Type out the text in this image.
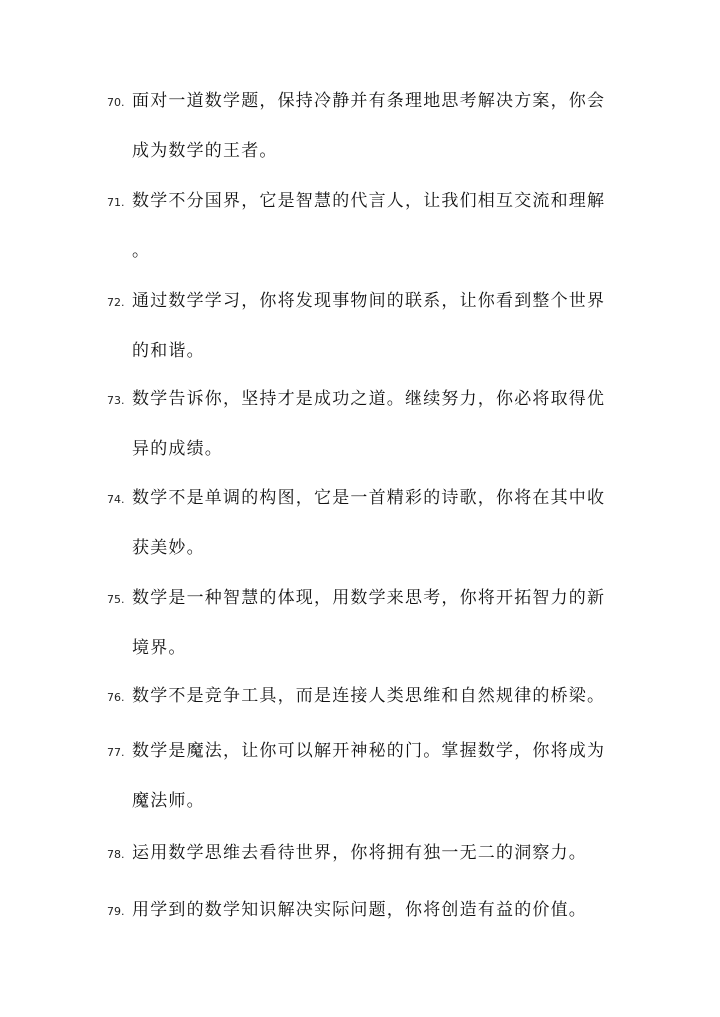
70. 面对一道数学题，保持冷静并有条理地思考解决方案，你会
成为数学的王者。
71. 数学不分国界，它是智慧的代言人，让我们相互交流和理解
。
72. 通过数学学习，你将发现事物间的联系，让你看到整个世界
的和谐。
73. 数学告诉你，坚持才是成功之道。继续努力，你必将取得优
异的成绩。
74. 数学不是单调的构图，它是一首精彩的诗歌，你将在其中收
获美妙。
75. 数学是一种智慧的体现，用数学来思考，你将开拓智力的新
境界。
76. 数学不是竞争工具，而是连接人类思维和自然规律的桥梁。
77. 数学是魔法，让你可以解开神秘的门。掌握数学，你将成为
魔法师。
78. 运用数学思维去看待世界，你将拥有独一无二的洞察力。
79. 用学到的数学知识解决实际问题，你将创造有益的价值。
